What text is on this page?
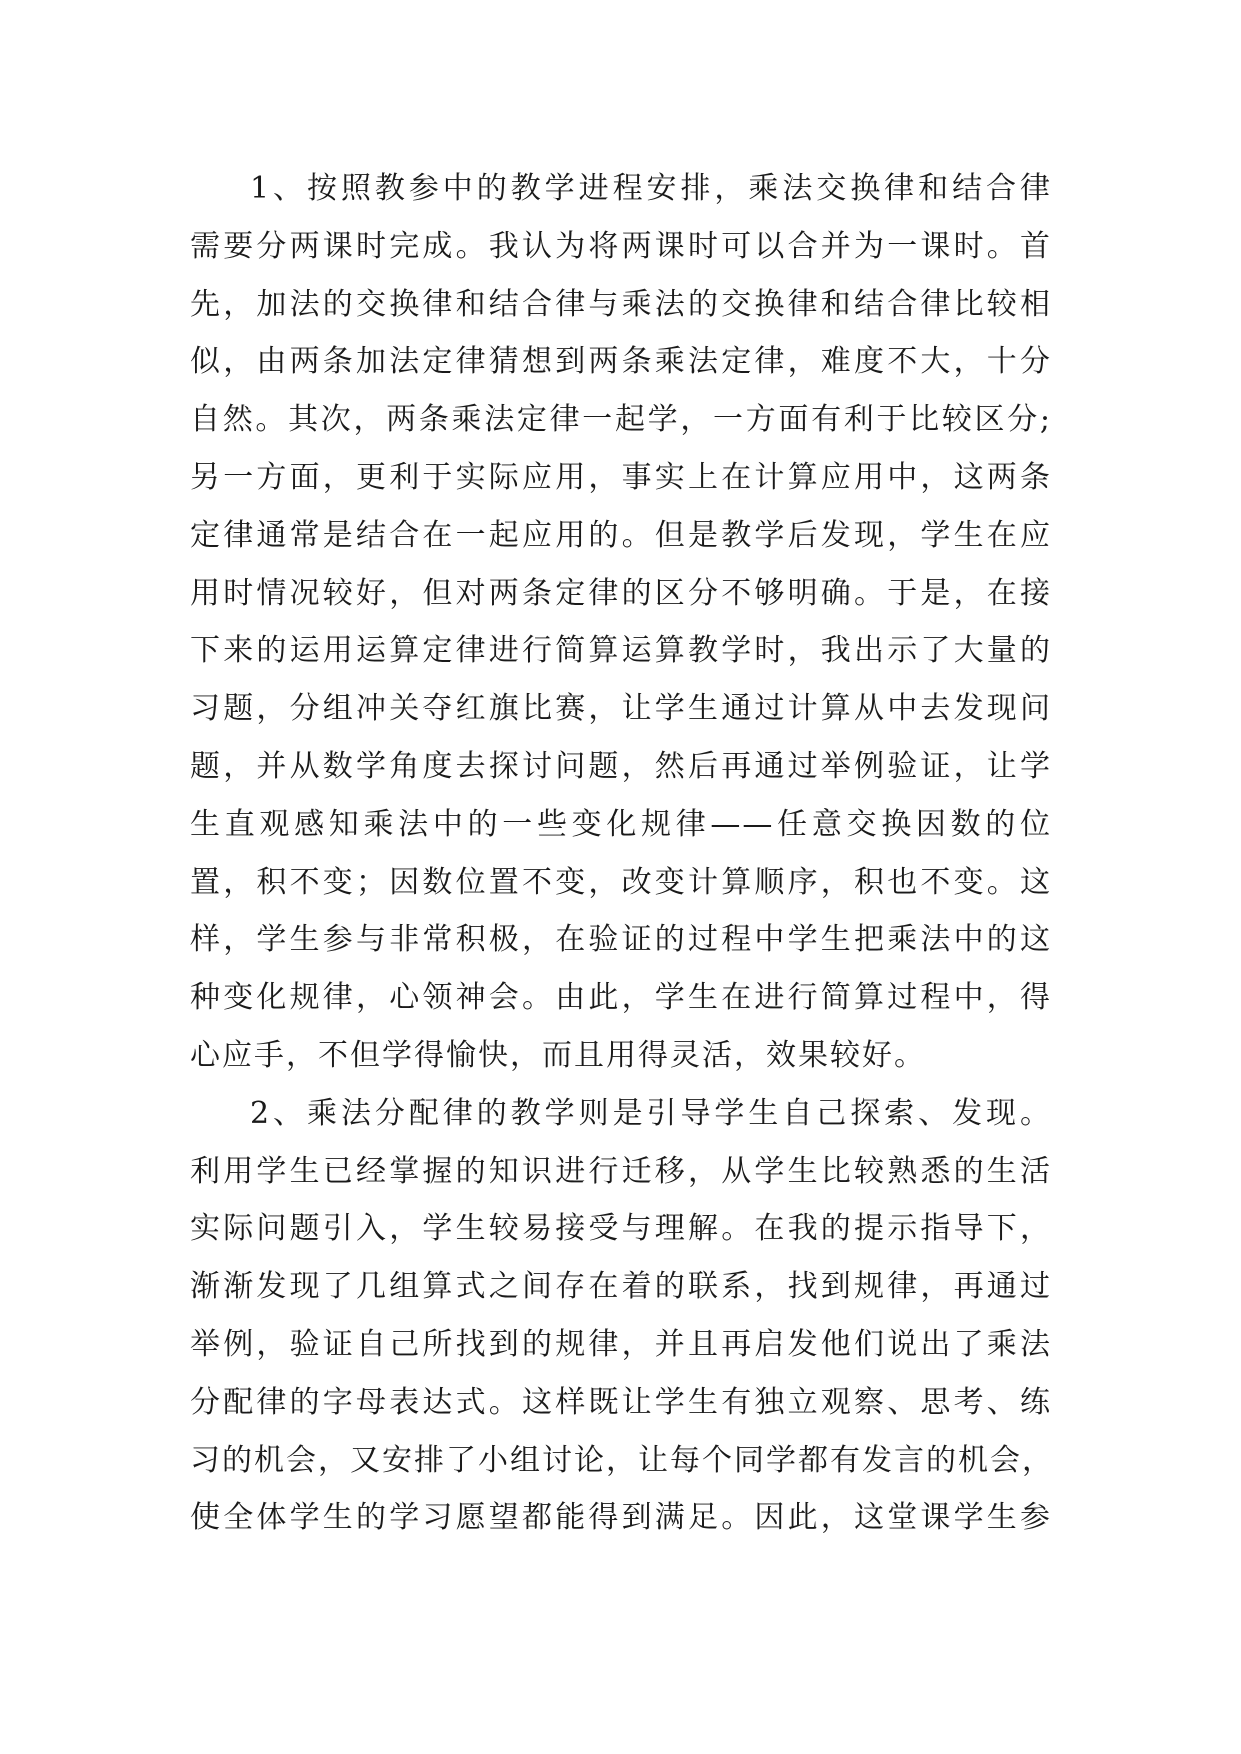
1、按照教参中的教学进程安排，乘法交换律和结合律
需要分两课时完成。我认为将两课时可以合并为一课时。首
先，加法的交换律和结合律与乘法的交换律和结合律比较相
似，由两条加法定律猜想到两条乘法定律，难度不大，十分
自然。其次，两条乘法定律一起学，一方面有利于比较区分;
另一方面，更利于实际应用，事实上在计算应用中，这两条
定律通常是结合在一起应用的。但是教学后发现，学生在应
用时情况较好，但对两条定律的区分不够明确。于是，在接
下来的运用运算定律进行简算运算教学时，我出示了大量的
习题，分组冲关夺红旗比赛，让学生通过计算从中去发现问
题，并从数学角度去探讨问题，然后再通过举例验证，让学
生直观感知乘法中的一些变化规律——任意交换因数的位
置，积不变；因数位置不变，改变计算顺序，积也不变。这
样，学生参与非常积极，在验证的过程中学生把乘法中的这
种变化规律，心领神会。由此，学生在进行简算过程中，得
心应手，不但学得愉快，而且用得灵活，效果较好。
2、乘法分配律的教学则是引导学生自己探索、发现。
利用学生已经掌握的知识进行迁移，从学生比较熟悉的生活
实际问题引入，学生较易接受与理解。在我的提示指导下，
渐渐发现了几组算式之间存在着的联系，找到规律，再通过
举例，验证自己所找到的规律，并且再启发他们说出了乘法
分配律的字母表达式。这样既让学生有独立观察、思考、练
习的机会，又安排了小组讨论，让每个同学都有发言的机会，
使全体学生的学习愿望都能得到满足。因此，这堂课学生参
